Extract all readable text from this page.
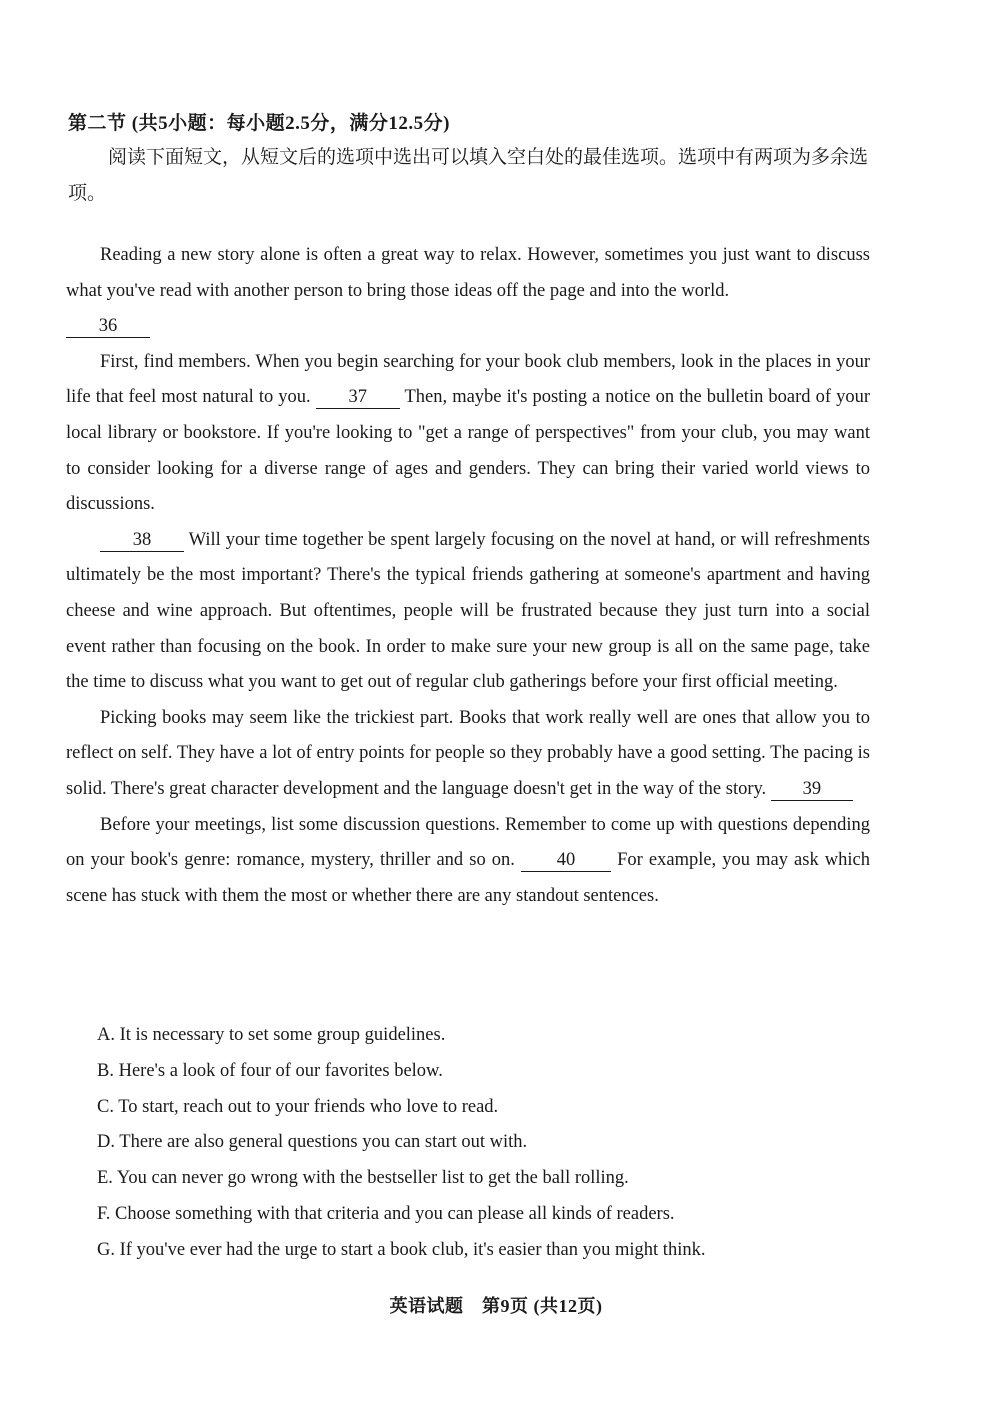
第二节 (共5小题：每小题2.5分，满分12.5分)
阅读下面短文，从短文后的选项中选出可以填入空白处的最佳选项。选项中有两项为多余选项。

Reading a new story alone is often a great way to relax. However, sometimes you just want to discuss what you've read with another person to bring those ideas off the page and into the world.

36

First, find members. When you begin searching for your book club members, look in the places in your life that feel most natural to you. 37 Then, maybe it's posting a notice on the bulletin board of your local library or bookstore. If you're looking to "get a range of perspectives" from your club, you may want to consider looking for a diverse range of ages and genders. They can bring their varied world views to discussions.

38 Will your time together be spent largely focusing on the novel at hand, or will refreshments ultimately be the most important? There's the typical friends gathering at someone's apartment and having cheese and wine approach. But oftentimes, people will be frustrated because they just turn into a social event rather than focusing on the book. In order to make sure your new group is all on the same page, take the time to discuss what you want to get out of regular club gatherings before your first official meeting.

Picking books may seem like the trickiest part. Books that work really well are ones that allow you to reflect on self. They have a lot of entry points for people so they probably have a good setting. The pacing is solid. There's great character development and the language doesn't get in the way of the story. 39

Before your meetings, list some discussion questions. Remember to come up with questions depending on your book's genre: romance, mystery, thriller and so on. 40 For example, you may ask which scene has stuck with them the most or whether there are any standout sentences.

A. It is necessary to set some group guidelines.

B. Here's a look of four of our favorites below.

C. To start, reach out to your friends who love to read.

D. There are also general questions you can start out with.

E. You can never go wrong with the bestseller list to get the ball rolling.

F. Choose something with that criteria and you can please all kinds of readers.

G. If you've ever had the urge to start a book club, it's easier than you might think.

英语试题　第9页 (共12页)
